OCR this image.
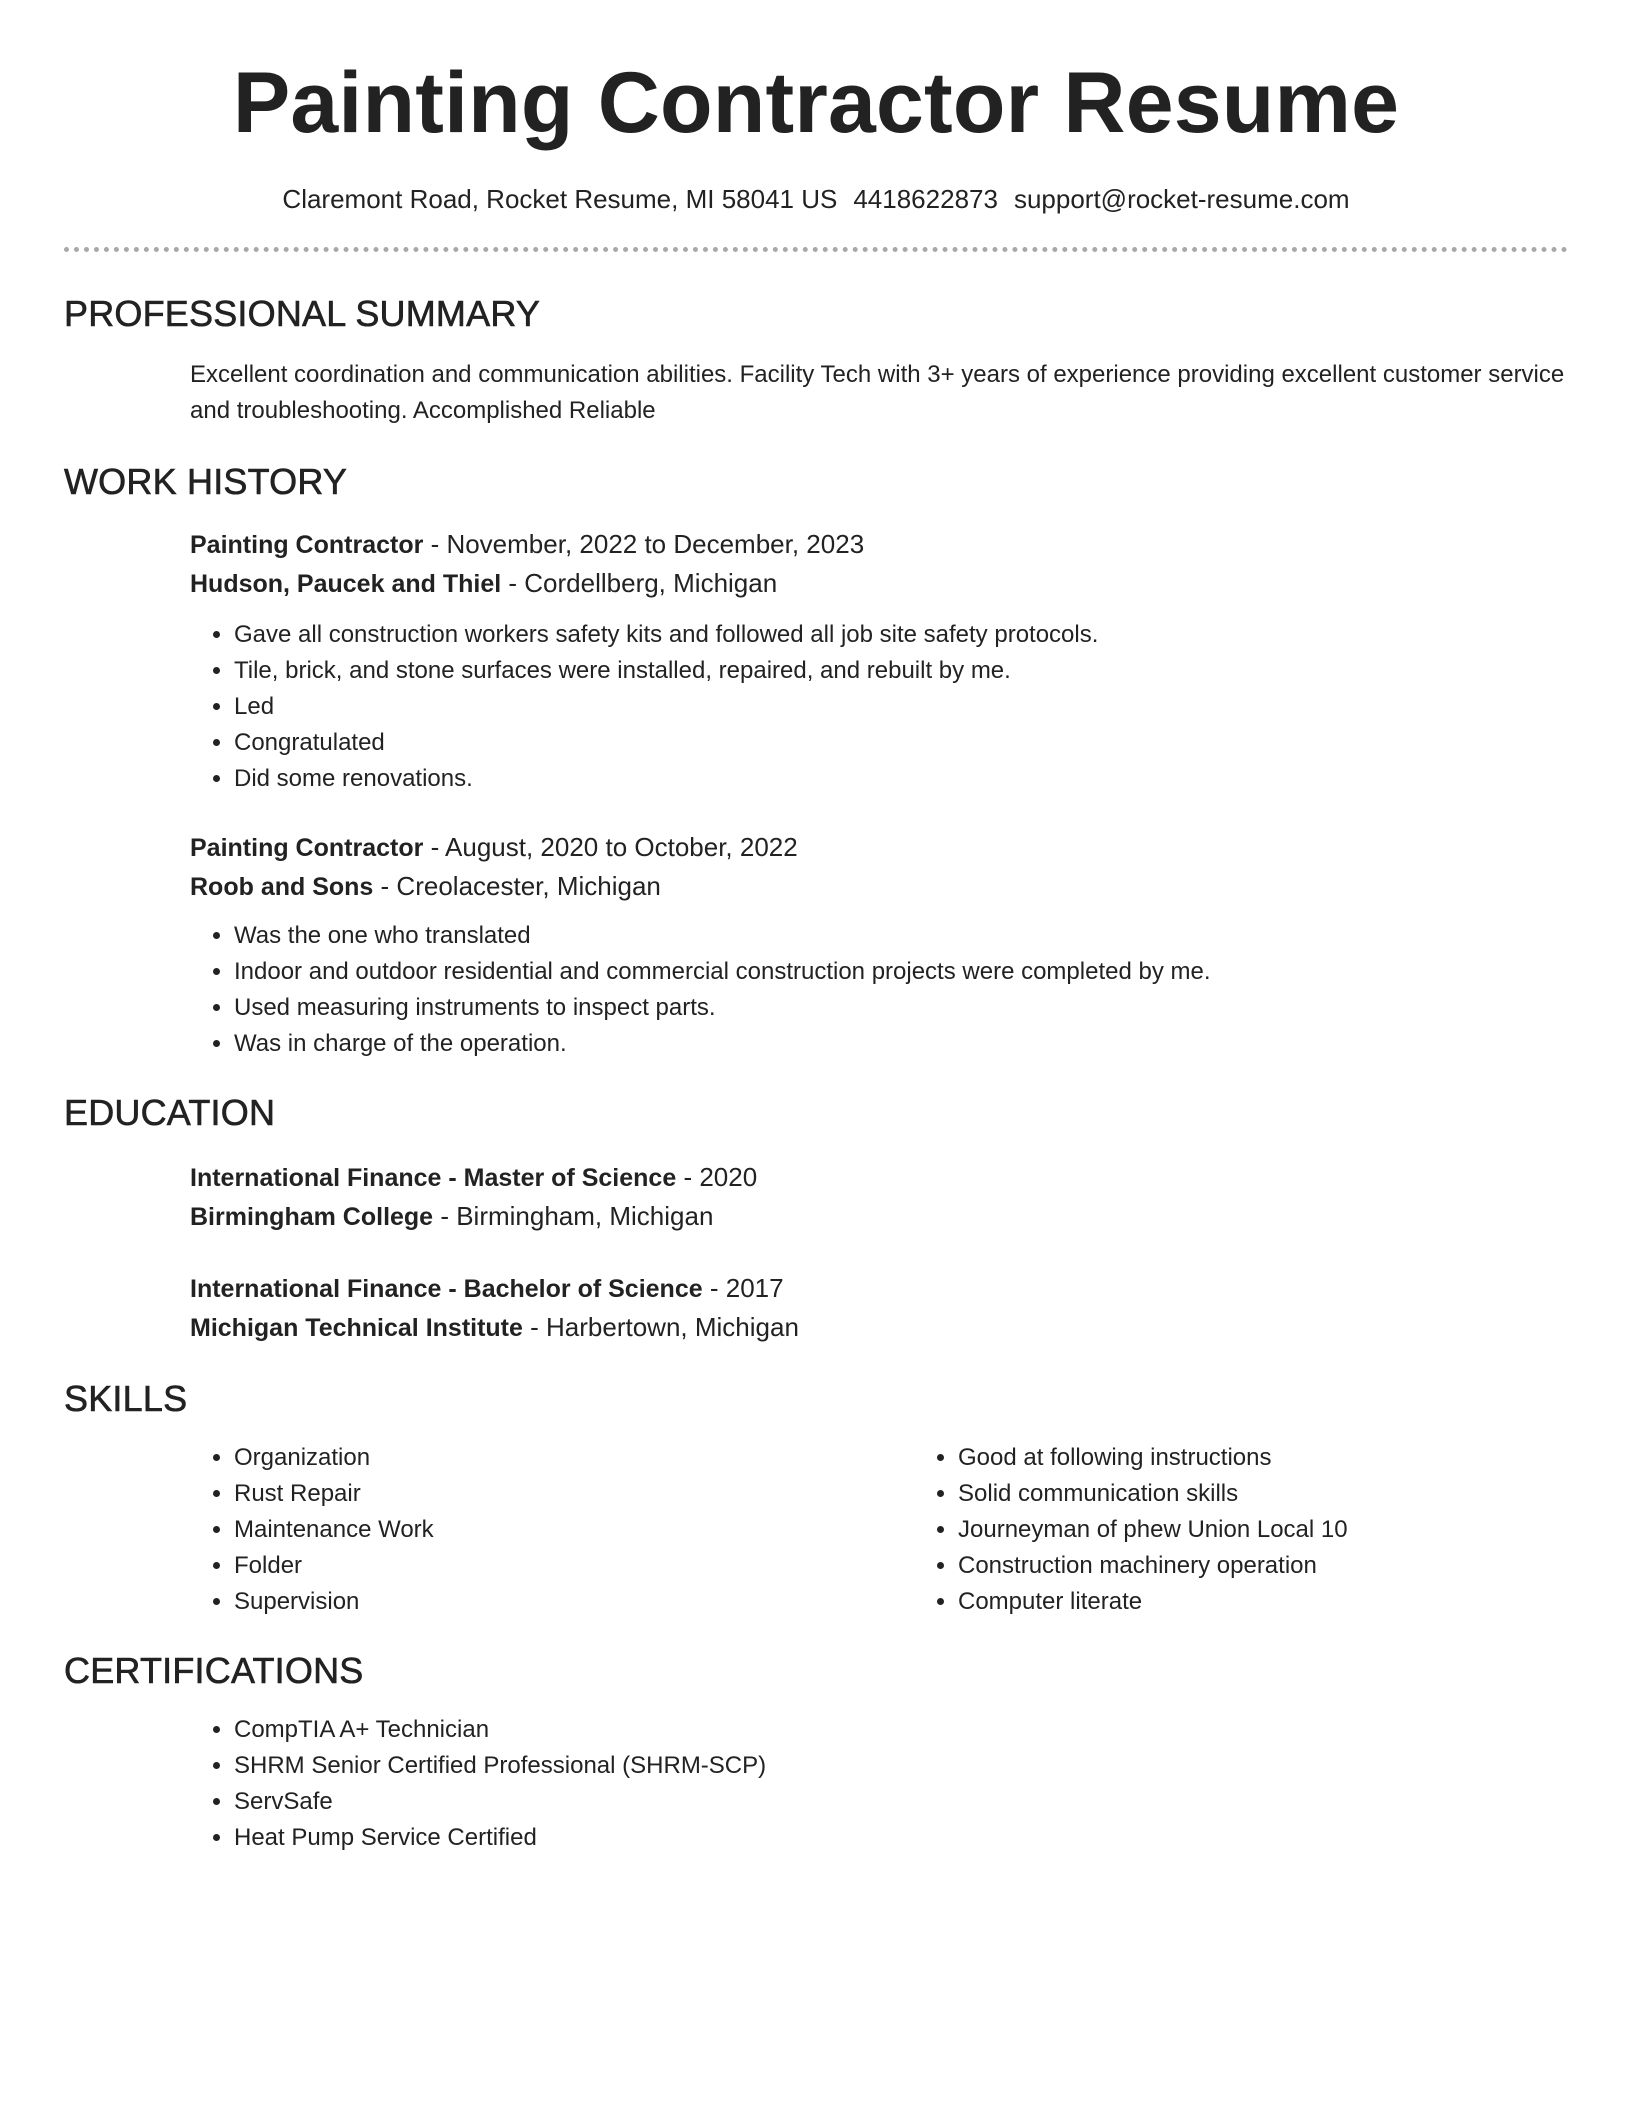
Painting Contractor Resume
Claremont Road, Rocket Resume, MI 58041 US 4418622873 support@rocket-resume.com
PROFESSIONAL SUMMARY

Excellent coordination and communication abilities. Facility Tech with 3+ years of experience providing excellent customer service and troubleshooting. Accomplished Reliable

WORK HISTORY
Painting Contractor - November, 2022 to December, 2023
Hudson, Paucek and Thiel - Cordellberg, Michigan
• Gave all construction workers safety kits and followed all job site safety protocols.
• Tile, brick, and stone surfaces were installed, repaired, and rebuilt by me.
• Led
• Congratulated
• Did some renovations.
Painting Contractor - August, 2020 to October, 2022
Roob and Sons - Creolacester, Michigan
• Was the one who translated
• Indoor and outdoor residential and commercial construction projects were completed by me.
• Used measuring instruments to inspect parts.
• Was in charge of the operation.
EDUCATION
International Finance - Master of Science - 2020
Birmingham College - Birmingham, Michigan
International Finance - Bachelor of Science - 2017
Michigan Technical Institute - Harbertown, Michigan
SKILLS
• Organization
• Rust Repair
• Maintenance Work
• Folder
• Supervision
• Good at following instructions
• Solid communication skills
• Journeyman of phew Union Local 10
• Construction machinery operation
• Computer literate
CERTIFICATIONS
• CompTIA A+ Technician
• SHRM Senior Certified Professional (SHRM-SCP)
• ServSafe
• Heat Pump Service Certified
